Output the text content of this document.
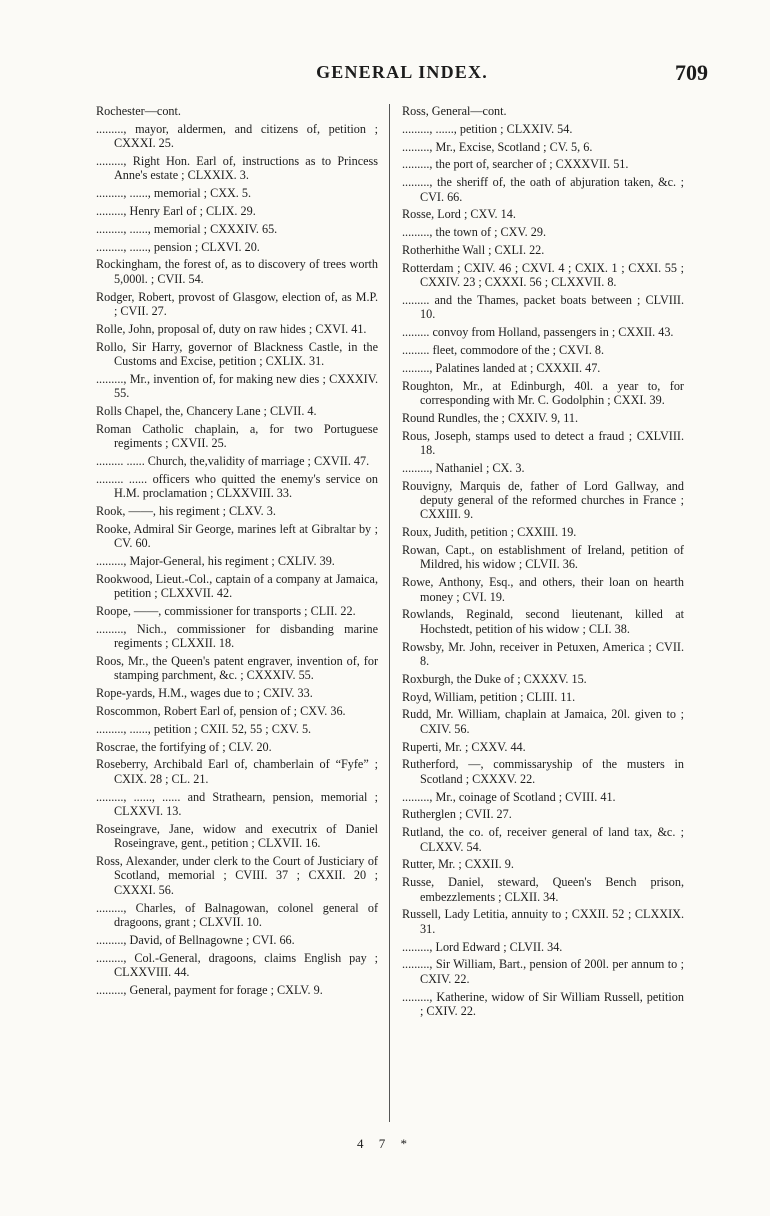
GENERAL INDEX.	709

Rochester—cont.

........., mayor, aldermen, and citizens of, petition ; CXXXI. 25.

........., Right Hon. Earl of, instructions as to Princess Anne's estate ; CLXXIX. 3.

........., ......, memorial ; CXX. 5.

........., Henry Earl of ; CLIX. 29.

........., ......, memorial ; CXXXIV. 65.

........., ......, pension ; CLXVI. 20.

Rockingham, the forest of, as to discovery of trees worth 5,000l. ; CVII. 54.

Rodger, Robert, provost of Glasgow, election of, as M.P. ; CVII. 27.

Rolle, John, proposal of, duty on raw hides ; CXVI. 41.

Rollo, Sir Harry, governor of Blackness Castle, in the Customs and Excise, petition ; CXLIX. 31.

........., Mr., invention of, for making new dies ; CXXXIV. 55.

Rolls Chapel, the, Chancery Lane ; CLVII. 4.

Roman Catholic chaplain, a, for two Portuguese regiments ; CXVII. 25.

......... ...... Church, the,validity of marriage ; CXVII. 47.

......... ...... officers who quitted the enemy's service on H.M. proclamation ; CLXXVIII. 33.

Rook, ——, his regiment ; CLXV. 3.

Rooke, Admiral Sir George, marines left at Gibraltar by ; CV. 60.

........., Major-General, his regiment ; CXLIV. 39.

Rookwood, Lieut.-Col., captain of a company at Jamaica, petition ; CLXXVII. 42.

Roope, ——, commissioner for transports ; CLII. 22.

........., Nich., commissioner for disbanding marine regiments ; CLXXII. 18.

Roos, Mr., the Queen's patent engraver, invention of, for stamping parchment, &c. ; CXXXIV. 55.

Rope-yards, H.M., wages due to ; CXIV. 33.

Roscommon, Robert Earl of, pension of ; CXV. 36.

........., ......, petition ; CXII. 52, 55 ; CXV. 5.

Roscrae, the fortifying of ; CLV. 20.

Roseberry, Archibald Earl of, chamberlain of “Fyfe” ; CXIX. 28 ; CL. 21.

........., ......, ...... and Strathearn, pension, memorial ; CLXXVI. 13.

Roseingrave, Jane, widow and executrix of Daniel Roseingrave, gent., petition ; CLXVII. 16.

Ross, Alexander, under clerk to the Court of Justiciary of Scotland, memorial ; CVIII. 37 ; CXXII. 20 ; CXXXI. 56.

........., Charles, of Balnagowan, colonel general of dragoons, grant ; CLXVII. 10.

........., David, of Bellnagowne ; CVI. 66.

........., Col.-General, dragoons, claims English pay ; CLXXVIII. 44.

........., General, payment for forage ; CXLV. 9.

Ross, General—cont.

........., ......, petition ; CLXXIV. 54.

........., Mr., Excise, Scotland ; CV. 5, 6.

........., the port of, searcher of ; CXXXVII. 51.

........., the sheriff of, the oath of abjuration taken, &c. ; CVI. 66.

Rosse, Lord ; CXV. 14.

........., the town of ; CXV. 29.

Rotherhithe Wall ; CXLI. 22.

Rotterdam ; CXIV. 46 ; CXVI. 4 ; CXIX. 1 ; CXXI. 55 ; CXXIV. 23 ; CXXXI. 56 ; CLXXVII. 8.

......... and the Thames, packet boats between ; CLVIII. 10.

......... convoy from Holland, passengers in ; CXXII. 43.

......... fleet, commodore of the ; CXVI. 8.

........., Palatines landed at ; CXXXII. 47.

Roughton, Mr., at Edinburgh, 40l. a year to, for corresponding with Mr. C. Godolphin ; CXXI. 39.

Round Rundles, the ; CXXIV. 9, 11.

Rous, Joseph, stamps used to detect a fraud ; CXLVIII. 18.

........., Nathaniel ; CX. 3.

Rouvigny, Marquis de, father of Lord Gallway, and deputy general of the reformed churches in France ; CXXIII. 9.

Roux, Judith, petition ; CXXIII. 19.

Rowan, Capt., on establishment of Ireland, petition of Mildred, his widow ; CLVII. 36.

Rowe, Anthony, Esq., and others, their loan on hearth money ; CVI. 19.

Rowlands, Reginald, second lieutenant, killed at Hochstedt, petition of his widow ; CLI. 38.

Rowsby, Mr. John, receiver in Petuxen, America ; CVII. 8.

Roxburgh, the Duke of ; CXXXV. 15.

Royd, William, petition ; CLIII. 11.

Rudd, Mr. William, chaplain at Jamaica, 20l. given to ; CXIV. 56.

Ruperti, Mr. ; CXXV. 44.

Rutherford, —, commissaryship of the musters in Scotland ; CXXXV. 22.

........., Mr., coinage of Scotland ; CVIII. 41.

Rutherglen ; CVII. 27.

Rutland, the co. of, receiver general of land tax, &c. ; CLXXV. 54.

Rutter, Mr. ; CXXII. 9.

Russe, Daniel, steward, Queen's Bench prison, embezzlements ; CLXII. 34.

Russell, Lady Letitia, annuity to ; CXXII. 52 ; CLXXIX. 31.

........., Lord Edward ; CLVII. 34.

........., Sir William, Bart., pension of 200l. per annum to ; CXIV. 22.

........., Katherine, widow of Sir William Russell, petition ; CXIV. 22.

4 7 *
